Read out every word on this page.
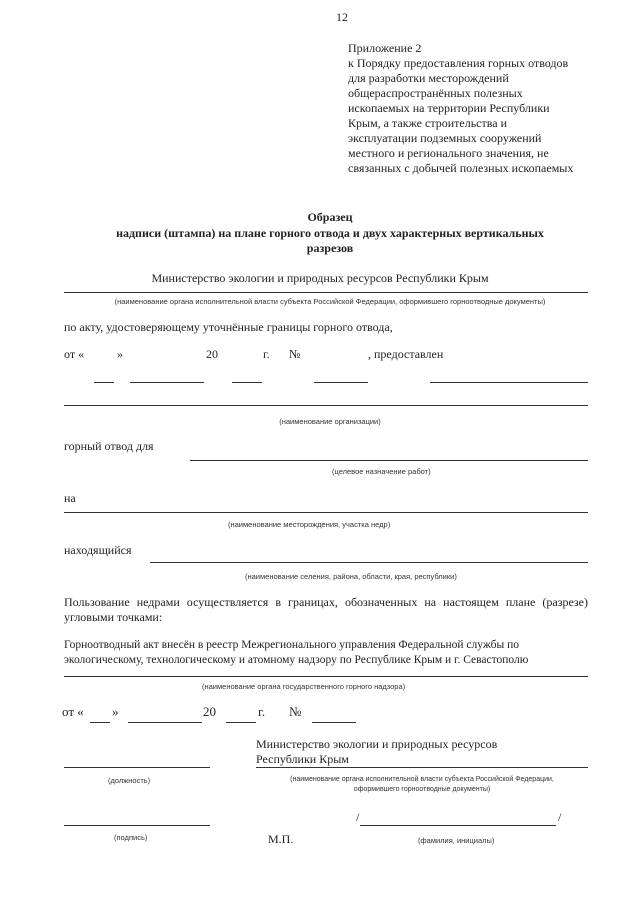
12
Приложение 2
к Порядку предоставления горных отводов
для разработки месторождений
общераспространённых полезных
ископаемых на территории Республики
Крым, а также строительства и
эксплуатации подземных сооружений
местного и регионального значения, не
связанных с добычей полезных ископаемых
Образец
надписи (штампа) на плане горного отвода и двух характерных вертикальных
разрезов
Министерство экологии и природных ресурсов Республики Крым
(наименование органа исполнительной власти субъекта Российской Федерации, оформившего горноотводные документы)
по акту, удостоверяющему уточнённые границы горного отвода,
от «	»	20	г. №	, предоставлен
(наименование организации)
горный отвод для
(целевое назначение работ)
на
(наименование месторождения, участка недр)
находящийся
(наименование селения, района, области, края, республики)
Пользование недрами осуществляется в границах, обозначенных на настоящем плане (разрезе) угловыми точками:
Горноотводный акт внесён в реестр Межрегионального управления Федеральной службы по
экологическому, технологическому и атомному надзору по Республике Крым и г. Севастополю
(наименование органа государственного горного надзора)
от « »	20	г. №
Министерство экологии и природных ресурсов
Республики Крым
(должность)	(наименование органа исполнительной власти субъекта Российской Федерации,
оформившего горноотводные документы)
/	/
(подпись)	М.П.	(фамилия, инициалы)
